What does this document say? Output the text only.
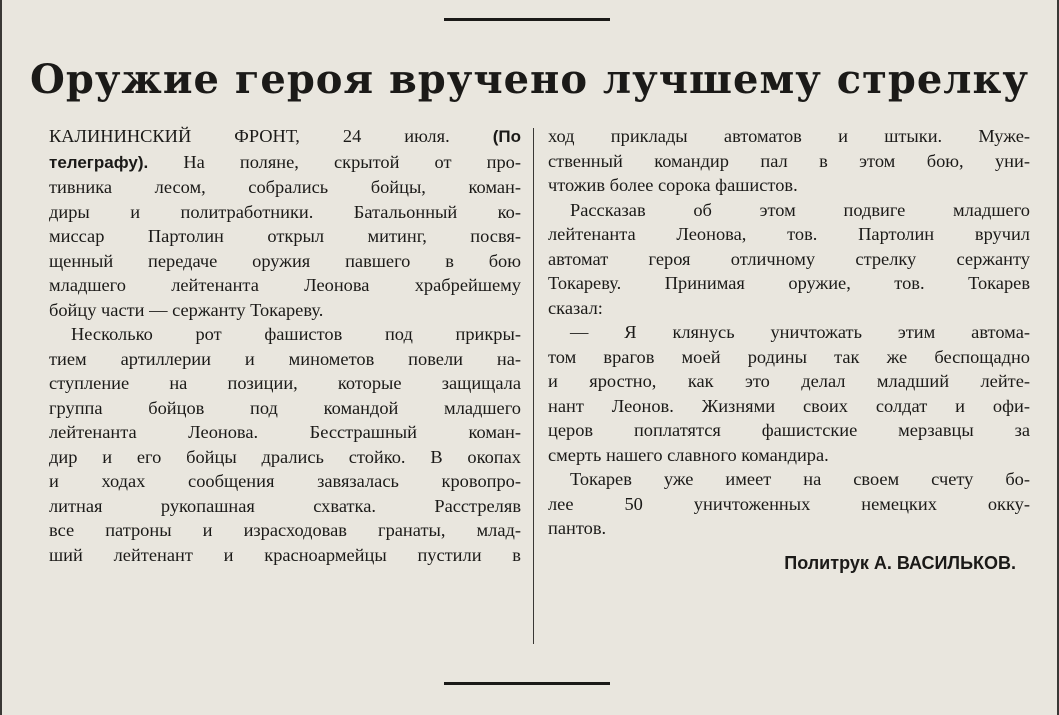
Оружие героя вручено лучшему стрелку
КАЛИНИНСКИЙ ФРОНТ, 24 июля.	(По
телеграфу). На поляне, скрытой от про-
тивника лесом, собрались бойцы, коман-
диры и политработники. Батальонный ко-
миссар Партолин открыл митинг, посвя-
щенный передаче оружия павшего в бою
младшего лейтенанта Леонова храбрейшему
бойцу части — сержанту Токареву.
Несколько рот фашистов под прикры-
тием артиллерии и минометов повели на-
ступление на позиции, которые защищала
группа бойцов под командой младшего
лейтенанта Леонова. Бесстрашный коман-
дир и его бойцы дрались стойко. В окопах
и ходах сообщения завязалась кровопро-
литная рукопашная схватка. Расстреляв
все патроны и израсходовав гранаты, млад-
ший лейтенант и красноармейцы пустили в
ход приклады автоматов и штыки. Муже-
ственный командир пал в этом бою, уни-
чтожив более сорока фашистов.
Рассказав об этом подвиге младшего
лейтенанта Леонова, тов. Партолин вручил
автомат героя отличному стрелку сержанту
Токареву. Принимая оружие, тов. Токарев
сказал:
— Я клянусь уничтожать этим автома-
том врагов моей родины так же беспощадно
и яростно, как это делал младший лейте-
нант Леонов. Жизнями своих солдат и офи-
церов поплатятся фашистские мерзавцы за
смерть нашего славного командира.
Токарев уже имеет на своем счету бо-
лее 50 уничтоженных немецких окку-
пантов.
Политрук А. ВАСИЛЬКОВ.
